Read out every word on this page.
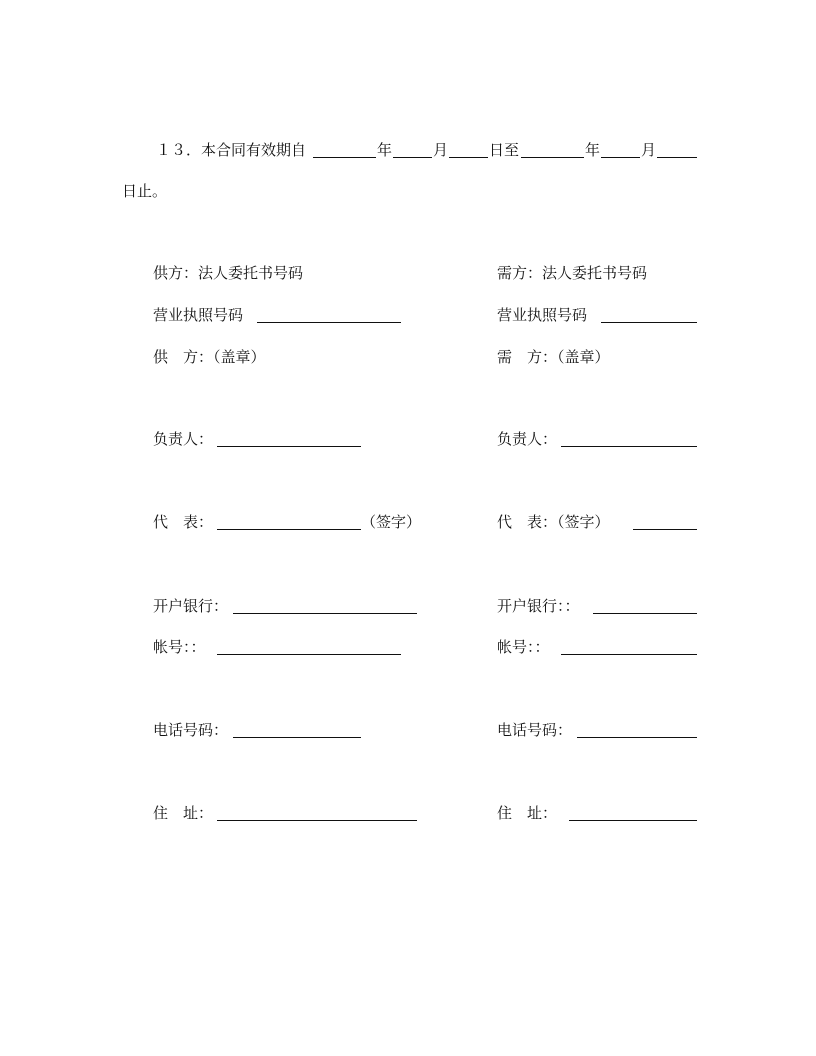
１３．本合同有效期自	年	月	日至	年	月
日止。
供方：法人委托书号码
营业执照号码
供　方：（盖章）
负责人：
代　表：	（签字）
开户银行：
帐号：：
电话号码：
住　址：
需方：法人委托书号码
营业执照号码
需　方：（盖章）
负责人：
代　表：（签字）
开户银行：：
帐号：：
电话号码：
住　址：
